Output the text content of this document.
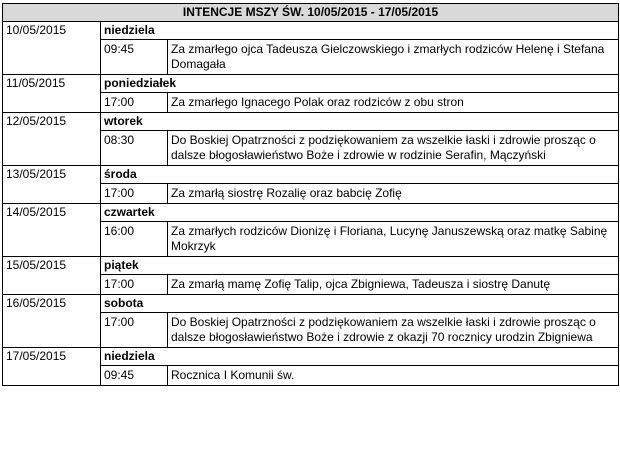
INTENCJE MSZY ŚW. 10/05/2015 - 17/05/2015		
10/05/2015	niedziela	
	09:45	Za zmarłego ojca Tadeusza Gielczowskiego i zmarłych rodziców Helenę i Stefana Domagała
11/05/2015	poniedziałek	
	17:00	Za zmarłego Ignacego Polak oraz rodziców z obu stron
12/05/2015	wtorek	
	08:30	Do Boskiej Opatrzności z podziękowaniem za wszelkie łaski i zdrowie prosząc o dalsze błogosławieństwo Boże i zdrowie w rodzinie Serafin, Mączyński
13/05/2015	środa	
	17:00	Za zmarłą siostrę Rozalię oraz babcię Zofię
14/05/2015	czwartek	
	16:00	Za zmarłych rodziców Dionizę i Floriana, Lucynę Januszewską oraz matkę Sabinę Mokrzyk
15/05/2015	piątek	
	17:00	Za zmarłą mamę Zofię Talip, ojca Zbigniewa, Tadeusza i siostrę Danutę
16/05/2015	sobota	
	17:00	Do Boskiej Opatrzności z podziękowaniem za wszelkie łaski i zdrowie prosząc o dalsze błogosławieństwo Boże i zdrowie z okazji 70 rocznicy urodzin Zbigniewa
17/05/2015	niedziela	
	09:45	Rocznica I Komunii św.
